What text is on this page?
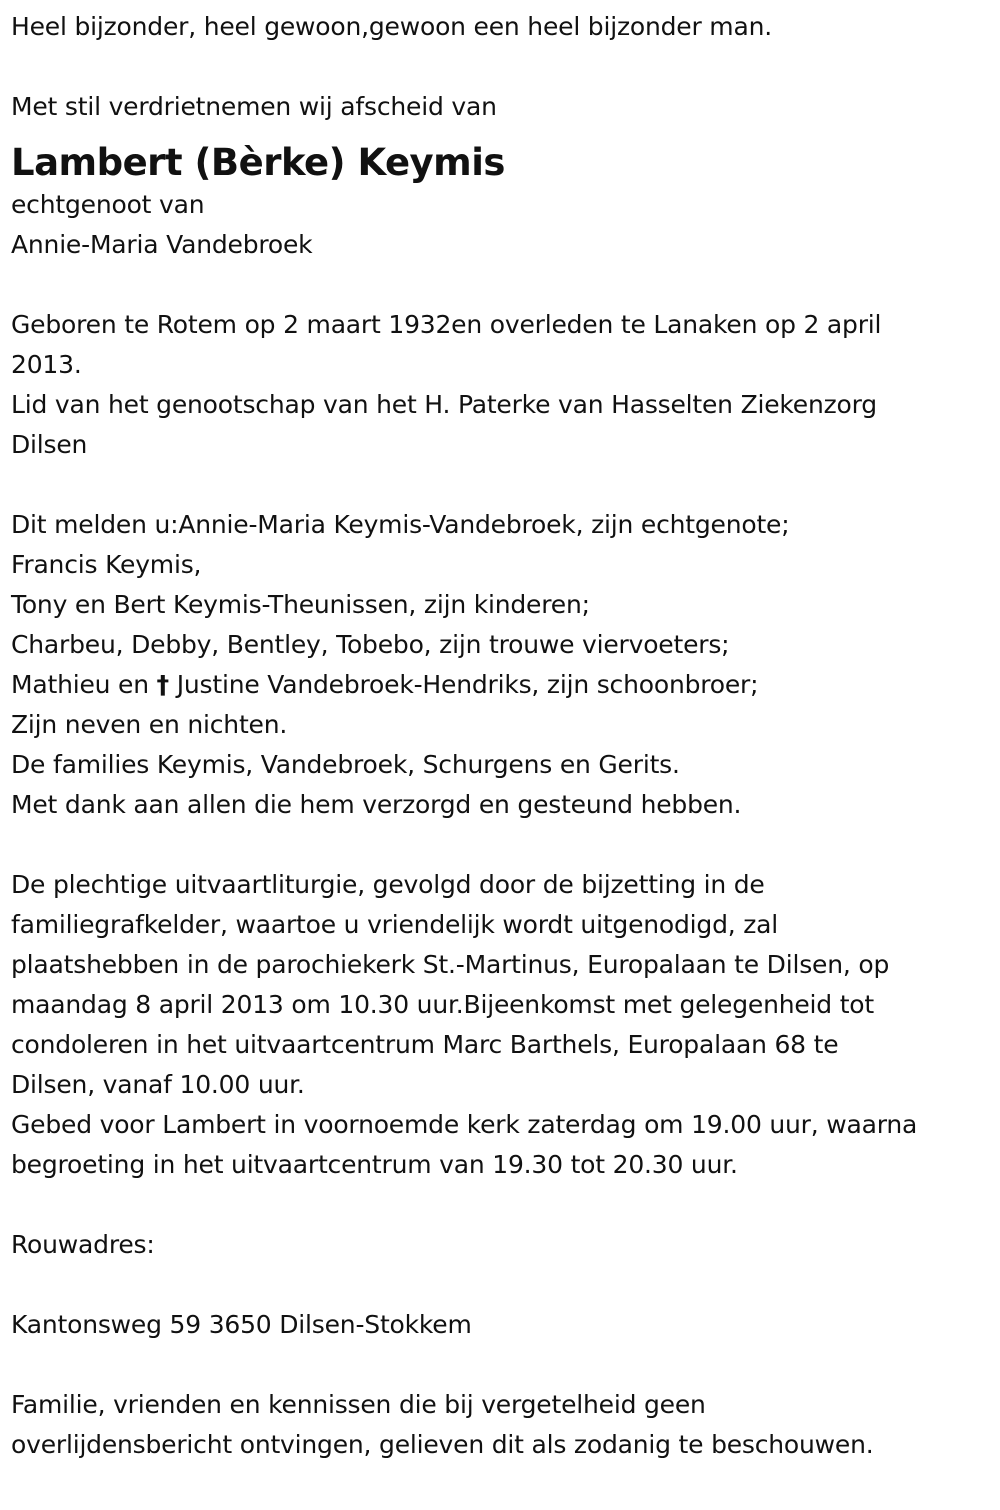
Heel bijzonder, heel gewoon,gewoon een heel bijzonder man.
Met stil verdrietnemen wij afscheid van
Lambert (Bèrke) Keymis
echtgenoot van
Annie-Maria Vandebroek
Geboren te Rotem op 2 maart 1932en overleden te Lanaken op 2 april
2013.
Lid van het genootschap van het H. Paterke van Hasselten Ziekenzorg
Dilsen
Dit melden u:Annie-Maria Keymis-Vandebroek, zijn echtgenote;
Francis Keymis,
Tony en Bert Keymis-Theunissen, zijn kinderen;
Charbeu, Debby, Bentley, Tobebo, zijn trouwe viervoeters;
Mathieu en † Justine Vandebroek-Hendriks, zijn schoonbroer;
Zijn neven en nichten.
De families Keymis, Vandebroek, Schurgens en Gerits.
Met dank aan allen die hem verzorgd en gesteund hebben.
De plechtige uitvaartliturgie, gevolgd door de bijzetting in de
familiegrafkelder, waartoe u vriendelijk wordt uitgenodigd, zal
plaatshebben in de parochiekerk St.-Martinus, Europalaan te Dilsen, op
maandag 8 april 2013 om 10.30 uur.Bijeenkomst met gelegenheid tot
condoleren in het uitvaartcentrum Marc Barthels, Europalaan 68 te
Dilsen, vanaf 10.00 uur.
Gebed voor Lambert in voornoemde kerk zaterdag om 19.00 uur, waarna
begroeting in het uitvaartcentrum van 19.30 tot 20.30 uur.
Rouwadres:
Kantonsweg 59 3650 Dilsen-Stokkem
Familie, vrienden en kennissen die bij vergetelheid geen
overlijdensbericht ontvingen, gelieven dit als zodanig te beschouwen.
